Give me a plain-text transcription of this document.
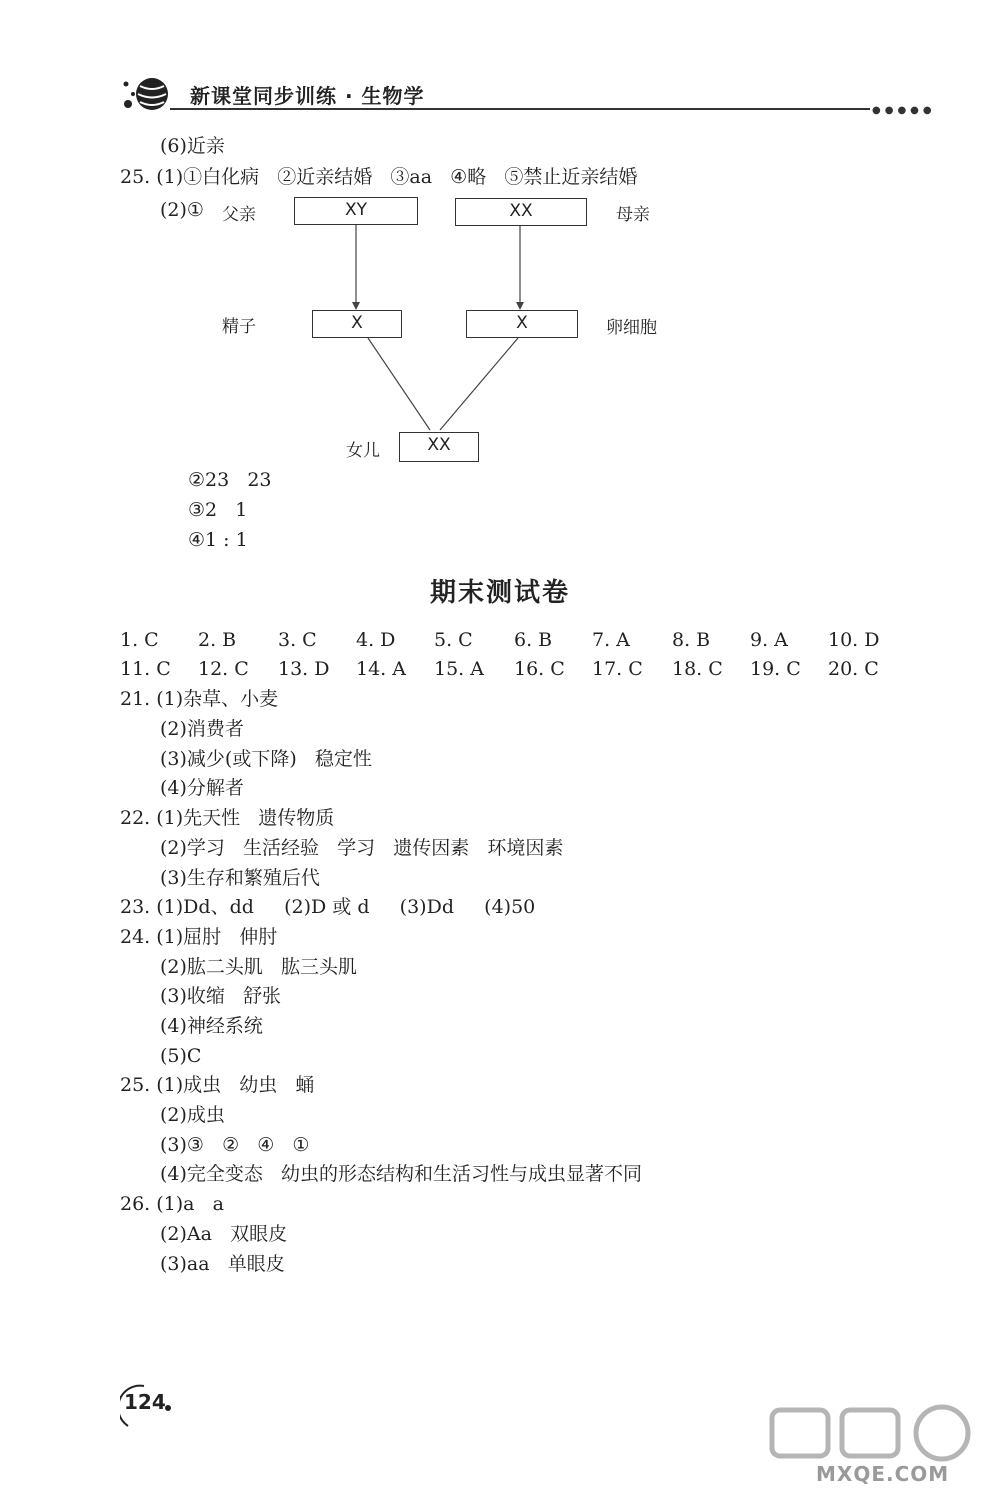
新课堂同步训练 · 生物学
●●●●●
(6)近亲
25. (1)①白化病   ②近亲结婚   ③aa   ④略   ⑤禁止近亲结婚
(2)① 父亲	XY	XX	母亲
精子	X	X	卵细胞
女儿	XX
②23   23
③2   1
④1 : 1
期末测试卷
1. C 2. B 3. C 4. D 5. C 6. B 7. A 8. B 9. A 10. D
11. C 12. C 13. D 14. A 15. A 16. C 17. C 18. C 19. C 20. C
21. (1)杂草、小麦
(2)消费者
(3)减少(或下降)   稳定性
(4)分解者
22. (1)先天性   遗传物质
(2)学习   生活经验   学习   遗传因素   环境因素
(3)生存和繁殖后代
23. (1)Dd、dd     (2)D 或 d     (3)Dd     (4)50
24. (1)屈肘   伸肘
(2)肱二头肌   肱三头肌
(3)收缩   舒张
(4)神经系统
(5)C
25. (1)成虫   幼虫   蛹
(2)成虫
(3)③   ②   ④   ①
(4)完全变态   幼虫的形态结构和生活习性与成虫显著不同
26. (1)a   a
(2)Aa   双眼皮
(3)aa   单眼皮
124
MXQE.COM
